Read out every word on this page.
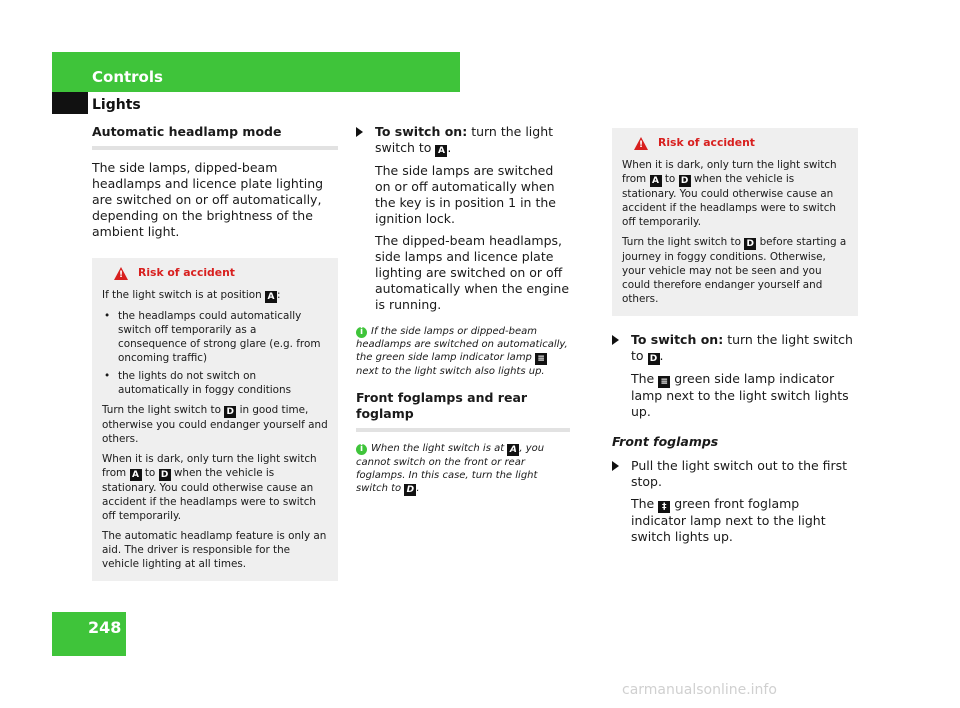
Controls
Lights
Automatic headlamp mode

The side lamps, dipped-beam headlamps and licence plate lighting are switched on or off automatically, depending on the brightness of the ambient light.

!
Risk of accident

If the light switch is at position A :

• the headlamps could automatically switch off temporarily as a consequence of strong glare (e.g. from oncoming traffic)
• the lights do not switch on automatically in foggy conditions

Turn the light switch to D in good time, otherwise you could endanger yourself and others.

When it is dark, only turn the light switch from A to D when the vehicle is stationary. You could otherwise cause an accident if the headlamps were to switch off temporarily.

The automatic headlamp feature is only an aid. The driver is responsible for the vehicle lighting at all times.

To switch on: turn the light switch to A .

The side lamps are switched on or off automatically when the key is in position 1 in the ignition lock.

The dipped-beam headlamps, side lamps and licence plate lighting are switched on or off automatically when the engine is running.

i If the side lamps or dipped-beam headlamps are switched on automatically, the green side lamp indicator lamp ≡ next to the light switch also lights up.
Front foglamps and rear foglamp
i When the light switch is at A , you cannot switch on the front or rear foglamps. In this case, turn the light switch to D .
!
Risk of accident

When it is dark, only turn the light switch from A to D when the vehicle is stationary. You could otherwise cause an accident if the headlamps were to switch off temporarily.

Turn the light switch to D before starting a journey in foggy conditions. Otherwise, your vehicle may not be seen and you could therefore endanger yourself and others.

To switch on: turn the light switch to D .

The ≡ green side lamp indicator lamp next to the light switch lights up.

Front foglamps
Pull the light switch out to the first stop.

The ‡ green front foglamp indicator lamp next to the light switch lights up.

248
carmanualsonline.info
